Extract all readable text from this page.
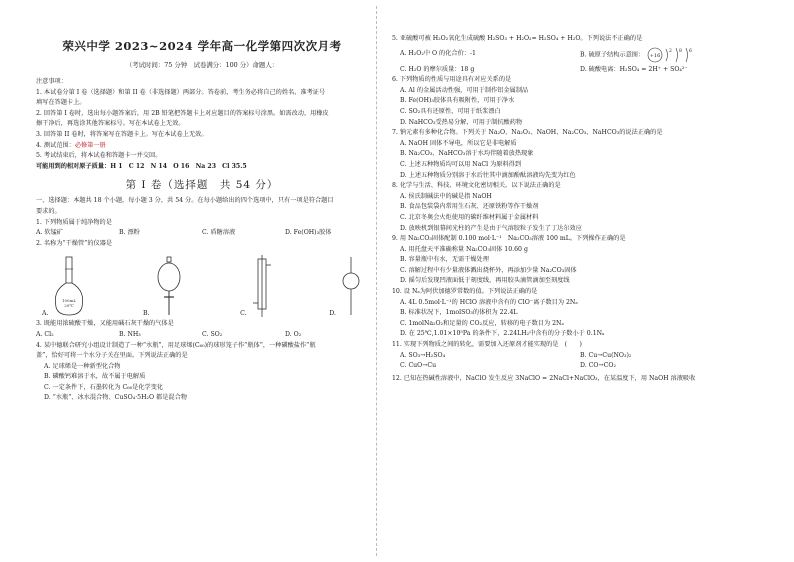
荣兴中学 2023~2024 学年高一化学第四次次月考
（考试时间：75 分钟　试卷满分：100 分）命题人：

注意事项：

1. 本试卷分第 I 卷（选择题）和第 II 卷（非选择题）两部分。答卷前，考生务必将自己的姓名、准考证号

填写在答题卡上。

2. 回答第 I 卷时，选出每小题答案后，用 2B 铅笔把答题卡上对应题目的答案标号涂黑。如需改动，用橡皮

擦干净后，再选涂其他答案标号。写在本试卷上无效。

3. 回答第 II 卷时，将答案写在答题卡上。写在本试卷上无效。

4. 测试范围：必修第一册

5. 考试结束后，将本试卷和答题卡一并交回。

可能用到的相对原子质量：H 1　C 12　N 14　O 16　Na 23　Cl 35.5

第 I 卷（选择题　共 54 分）

一、选择题：本题共 18 个小题，每小题 3 分，共 54 分。在每小题给出的四个选项中，只有一项是符合题目

要求的。

1. 下列物质属于纯净物的是

A. 软锰矿	B. 漂粉	C. 盾糖溶液	D. Fe(OH)₃胶体

2. 名称为“干燥管”的仪器是

A.
100mL
20℃
B.	C.	D.

3. 既能用浓硫酸干燥，又能用碱石灰干燥的气体是

A. Cl₂	B. NH₃	C. SO₂	D. O₂

4. 某中德联合研究小组设计制造了一种“水瓶”，用足球烯(C₆₀)的球形笼子作“瓶体”，一种磷酸盐作“瓶

盖”，恰好可将一个水分子关在里面。下列说法正确的是

A. 足球烯是一种新型化合物

B. 磷酸钙难溶于水，故不属于电解质

C. 一定条件下，石墨转化为 C₆₀是化学变化

D. “水瓶”、冰水混合物、CuSO₄·5H₂O 都是混合物

5. 亚硫酸可被 H₂O₂氧化生成硫酸 H₂SO₃ + H₂O₂= H₂SO₄ + H₂O。下列说法不正确的是

A. H₂O₂中 O 的化合价：-1	B. 硫原子结构示意图： +16
2 8 6
C. H₂O 的摩尔质量：18 g	D. 硫酸电离：H₂SO₄ = 2H⁺ + SO₄²⁻

6. 下列物质的性质与用途具有对应关系的是

A. Al 的金属活动性强，可用于制作铝金属制品

B. Fe(OH)₃胶体具有吸附性，可用于净水

C. SO₂具有还原性，可用于纸浆漂白

D. NaHCO₃受热易分解，可用于制抗酸药物

7. 钠元素有多种化合物。下列关于 Na₂O、Na₂O₂、NaOH、Na₂CO₃、NaHCO₃的说法正确的是

A. NaOH 固体不导电，所以它是非电解质

B. Na₂CO₃、NaHCO₃溶于水均伴随着放热现象

C. 上述五种物质均可以用 NaCl 为原料得到

D. 上述五种物质分别溶于水后往其中滴加酚酞溶液均先变为红色

8. 化学与生活、科技、环境文化密切相关。以下说法正确的是

A. 侯氏制碱法中的碱是指 NaOH

B. 食品包装袋内常用生石灰、还原铁粉等作干燥剂

C. 北京冬奥会火炬使用的碳纤维材料属于金属材料

D. 放映机到银幕间光柱的产生是由于气溶胶粒子发生了丁达尔效应

9. 用 Na₂CO₃固体配制 0.100 mol·L⁻¹　Na₂CO₃溶液 100 mL。下列操作正确的是

A. 用托盘天平准确称量 Na₂CO₃固体 10.60 g

B. 容量瓶中有水，无需干燥处理

C. 溶解过程中有少量液体溅出烧杯外，再添加少量 Na₂CO₃固体

D. 摇匀后发现凹液面低于刻度线，再用胶头滴管滴加至刻度线

10. 设 Nₐ为阿伏加德罗常数的值。下列说法正确的是

A. 4L 0.5mol·L⁻¹的 HClO 溶液中含有的 ClO⁻离子数目为 2Nₐ

B. 标准状况下，1molSO₃的体积为 22.4L

C. 1molNa₂O₂和足量的 CO₂反应，转移的电子数目为 2Nₐ

D. 在 25℃,1.01×10⁵Pa 的条件下，2.24LH₂中含有的分子数小于 0.1Nₐ

11. 实现下列物质之间的转化，需要加入还原剂才能实现的是　(　　)

A. SO₃→H₂SO₄	B. Cu→Cu(NO₃)₂
C. CuO→Cu	D. CO→CO₂

12. 已知在热碱性溶液中，NaClO 发生反应 3NaClO = 2NaCl+NaClO₃，在某温度下，用 NaOH 溶液吸收
